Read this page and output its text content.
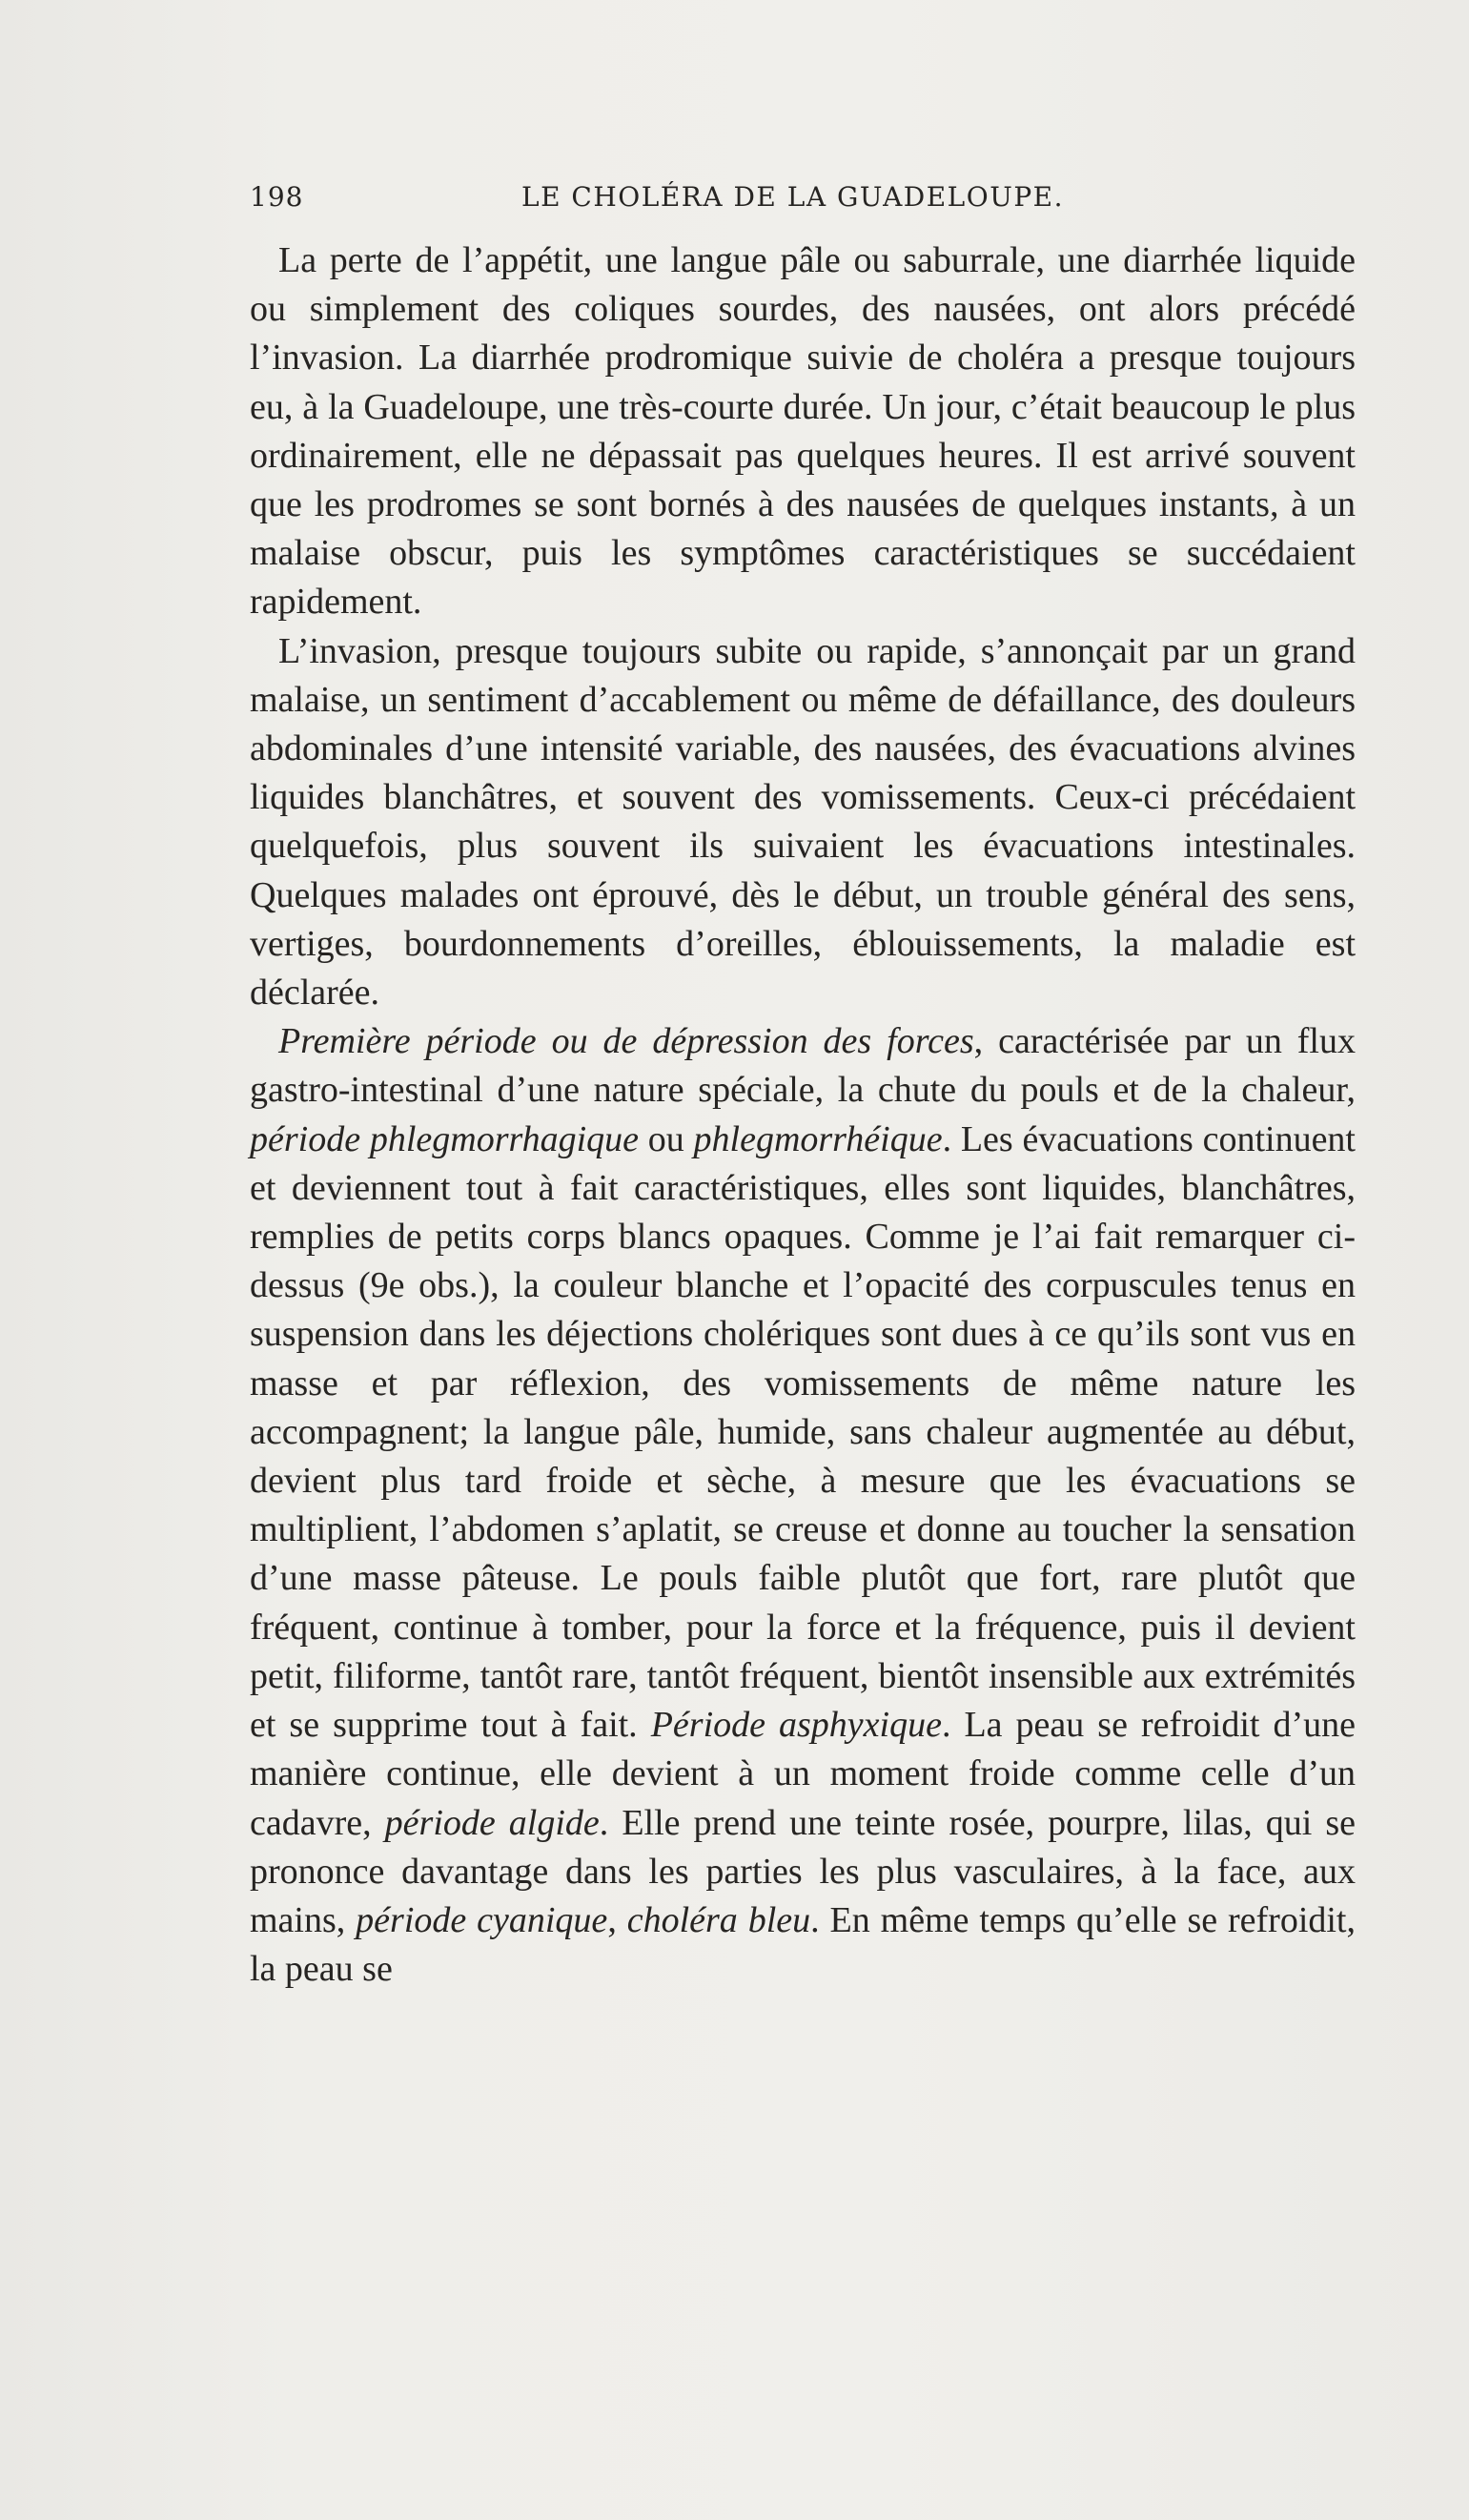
198	LE CHOLÉRA DE LA GUADELOUPE.

La perte de l’appétit, une langue pâle ou saburrale, une diarrhée liquide ou simplement des coliques sourdes, des nausées, ont alors précédé l’invasion. La diarrhée prodromique suivie de choléra a presque toujours eu, à la Guadeloupe, une très-courte durée. Un jour, c’était beaucoup le plus ordinairement, elle ne dépassait pas quelques heures. Il est arrivé souvent que les prodromes se sont bornés à des nausées de quelques instants, à un malaise obscur, puis les symptômes caractéristiques se succédaient rapidement.

L’invasion, presque toujours subite ou rapide, s’annonçait par un grand malaise, un sentiment d’accablement ou même de défaillance, des douleurs abdominales d’une intensité variable, des nausées, des évacuations alvines liquides blanchâtres, et souvent des vomissements. Ceux-ci précédaient quelquefois, plus souvent ils suivaient les évacuations intestinales. Quelques malades ont éprouvé, dès le début, un trouble général des sens, vertiges, bourdonnements d’oreilles, éblouissements, la maladie est déclarée.

Première période ou de dépression des forces, caractérisée par un flux gastro-intestinal d’une nature spéciale, la chute du pouls et de la chaleur, période phlegmorrhagique ou phlegmorrhéique. Les évacuations continuent et deviennent tout à fait caractéristiques, elles sont liquides, blanchâtres, remplies de petits corps blancs opaques. Comme je l’ai fait remarquer ci-dessus (9e obs.), la couleur blanche et l’opacité des corpuscules tenus en suspension dans les déjections cholériques sont dues à ce qu’ils sont vus en masse et par réflexion, des vomissements de même nature les accompagnent; la langue pâle, humide, sans chaleur augmentée au début, devient plus tard froide et sèche, à mesure que les évacuations se multiplient, l’abdomen s’aplatit, se creuse et donne au toucher la sensation d’une masse pâteuse. Le pouls faible plutôt que fort, rare plutôt que fréquent, continue à tomber, pour la force et la fréquence, puis il devient petit, filiforme, tantôt rare, tantôt fréquent, bientôt insensible aux extrémités et se supprime tout à fait. Période asphyxique. La peau se refroidit d’une manière continue, elle devient à un moment froide comme celle d’un cadavre, période algide. Elle prend une teinte rosée, pourpre, lilas, qui se prononce davantage dans les parties les plus vasculaires, à la face, aux mains, période cyanique, choléra bleu. En même temps qu’elle se refroidit, la peau se
